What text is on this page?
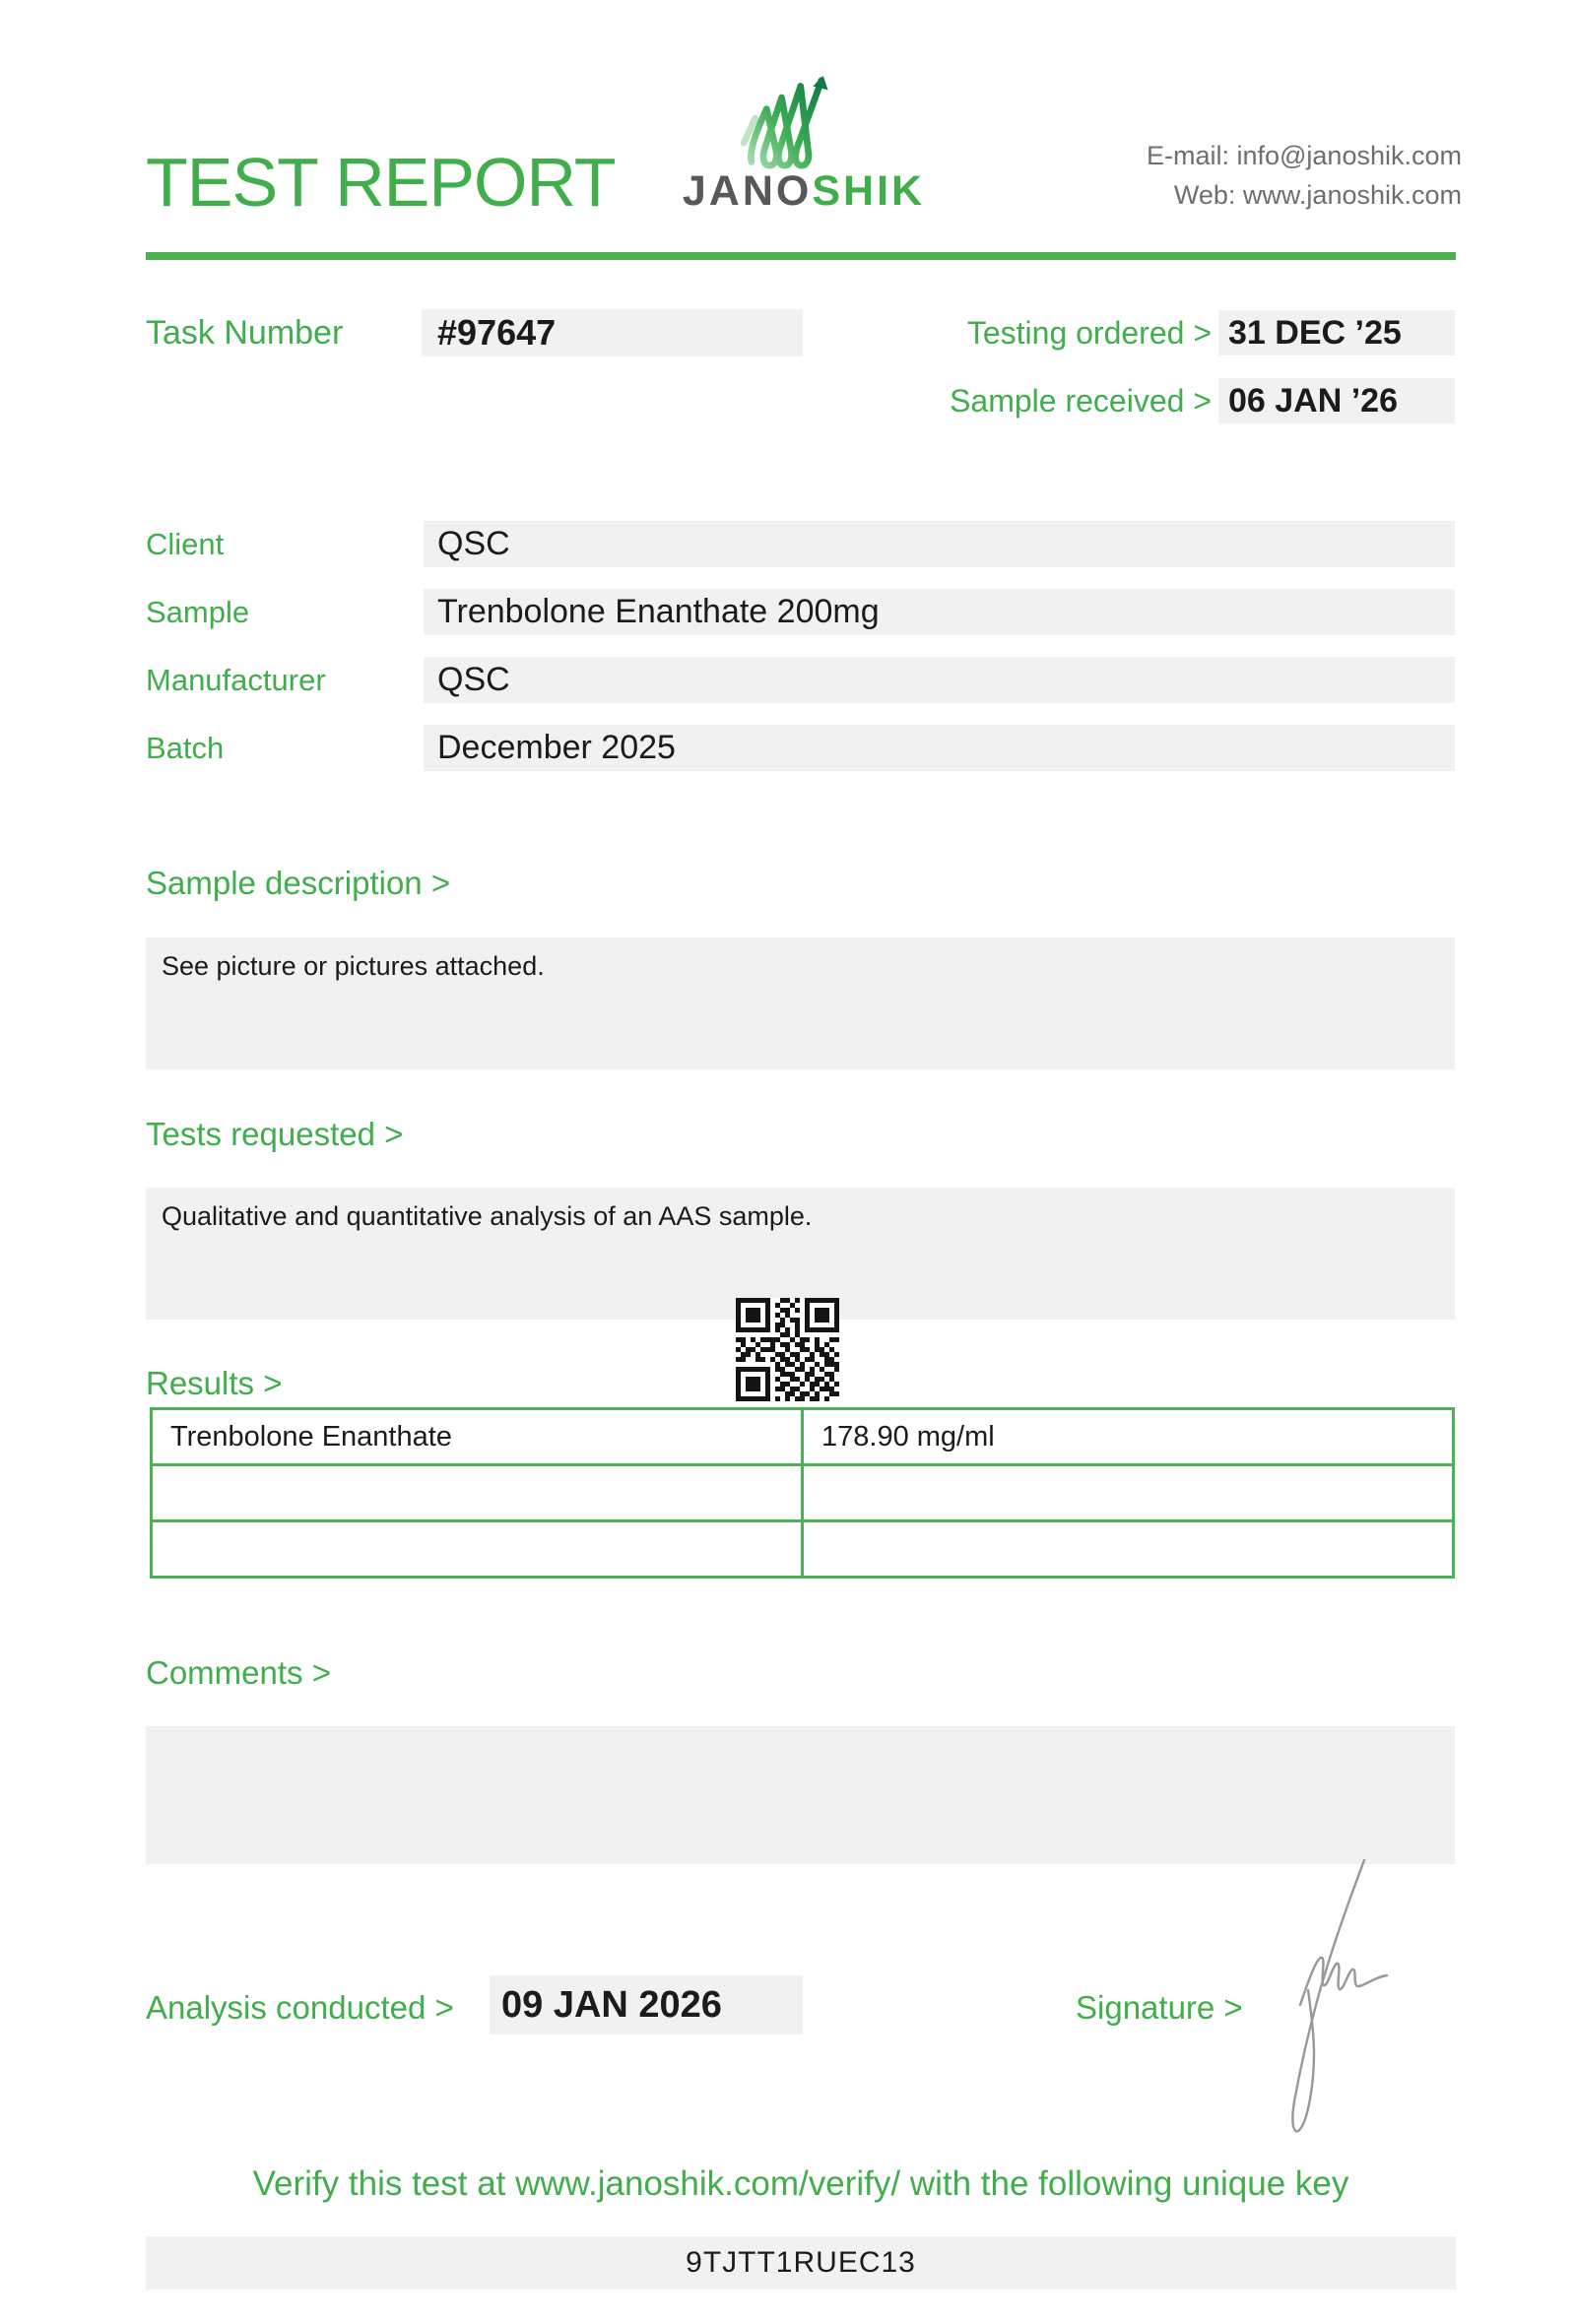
TEST REPORT	JANOSHIK
E-mail: info@janoshik.com
Web: www.janoshik.com
Task Number	#97647	Testing ordered > 31 DEC ’25
Sample received > 06 JAN ’26
Client	QSC
Sample	Trenbolone Enanthate 200mg
Manufacturer	QSC
Batch	December 2025
Sample description >
See picture or pictures attached.
Tests requested >
Qualitative and quantitative analysis of an AAS sample.
Results >
Trenbolone Enanthate	178.90 mg/ml

Comments >
Analysis conducted >	09 JAN 2026	Signature >
Verify this test at www.janoshik.com/verify/ with the following unique key
9TJTT1RUEC13
